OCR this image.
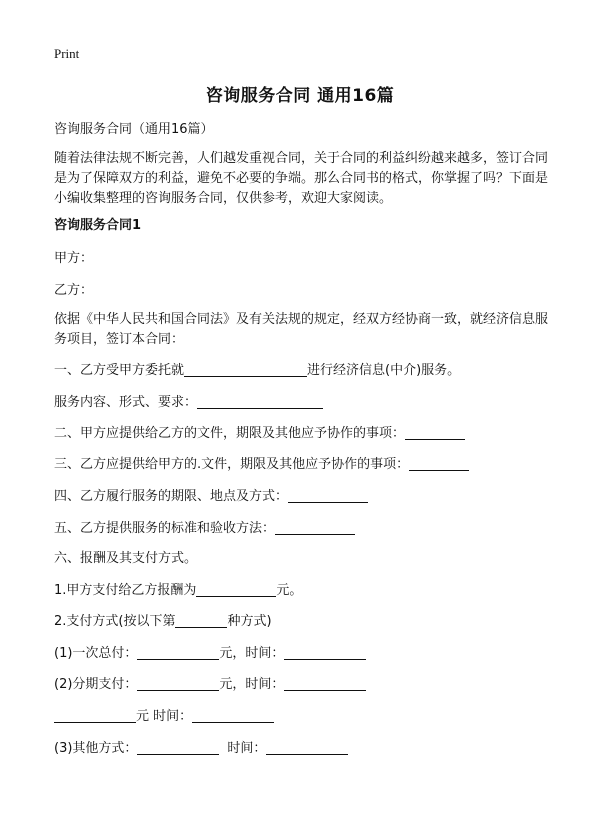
Print
咨询服务合同 通用16篇
咨询服务合同（通用16篇）
随着法律法规不断完善，人们越发重视合同，关于合同的利益纠纷越来越多，签订合同是为了保障双方的利益，避免不必要的争端。那么合同书的格式，你掌握了吗？下面是小编收集整理的咨询服务合同，仅供参考，欢迎大家阅读。
咨询服务合同1
甲方：
乙方：
依据《中华人民共和国合同法》及有关法规的规定，经双方经协商一致，就经济信息服务项目，签订本合同：
一、乙方受甲方委托就	进行经济信息(中介)服务。
服务内容、形式、要求：
二、甲方应提供给乙方的文件，期限及其他应予协作的事项：
三、乙方应提供给甲方的.文件，期限及其他应予协作的事项：
四、乙方履行服务的期限、地点及方式：
五、乙方提供服务的标准和验收方法：
六、报酬及其支付方式。
1.甲方支付给乙方报酬为	元。
2.支付方式(按以下第	种方式)
(1)一次总付：	元，时间：
(2)分期支付：	元，时间：
元 时间：
(3)其他方式：	时间：
